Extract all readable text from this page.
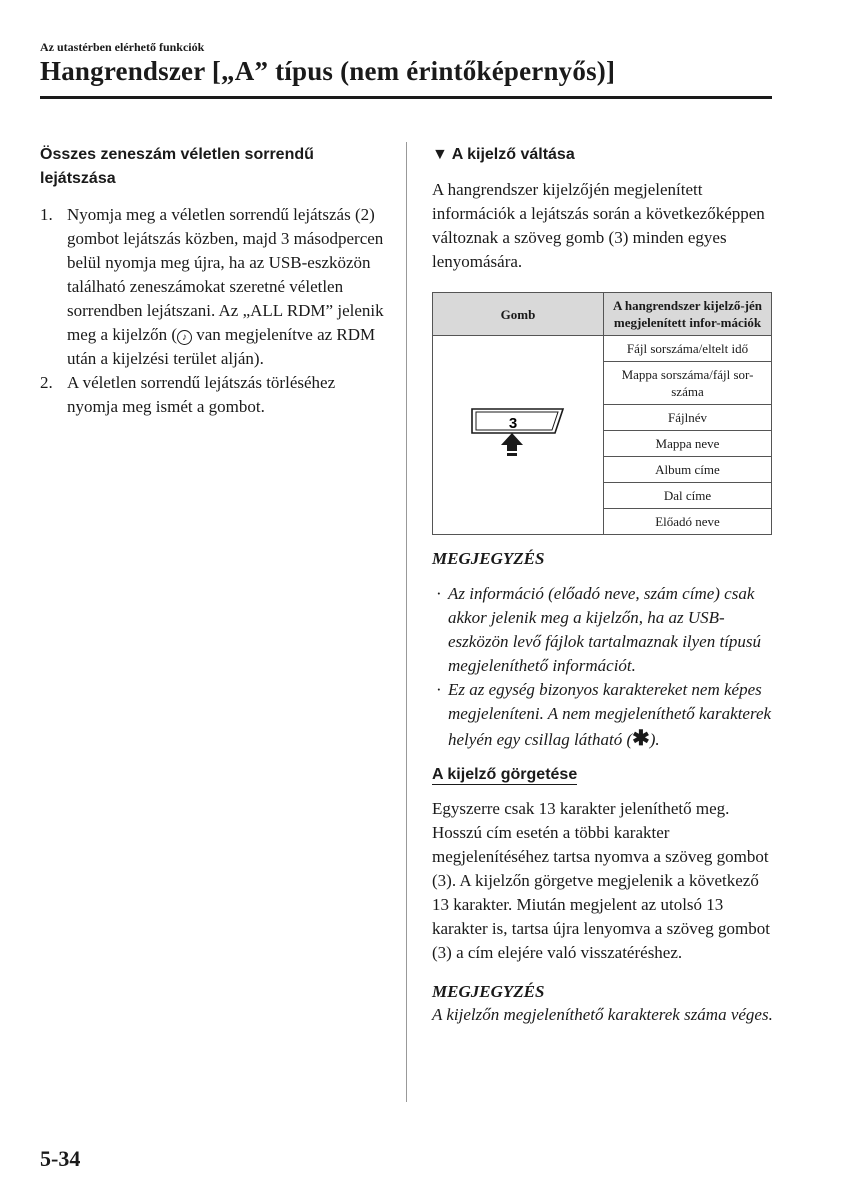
Az utastérben elérhető funkciók
Hangrendszer [„A” típus (nem érintőképernyős)]
Összes zeneszám véletlen sorrendű lejátszása
1. Nyomja meg a véletlen sorrendű lejátszás (2) gombot lejátszás közben, majd 3 másodpercen belül nyomja meg újra, ha az USB-eszközön található zeneszámokat szeretné véletlen sorrendben lejátszani. Az „ALL RDM” jelenik meg a kijelzőn ( ♪ van megjelenítve az RDM után a kijelzési terület alján).
2. A véletlen sorrendű lejátszás törléséhez nyomja meg ismét a gombot.
▼ A kijelző váltása

A hangrendszer kijelzőjén megjelenített információk a lejátszás során a következőképpen változnak a szöveg gomb (3) minden egyes lenyomására.

Gomb	A hangrendszer kijelző-jén megjelenített infor-mációk

3	Fájl sorszáma/eltelt idő
	Mappa sorszáma/fájl sor-száma
	Fájlnév
	Mappa neve
	Album címe
	Dal címe
	Előadó neve
MEGJEGYZÉS
· Az információ (előadó neve, szám címe) csak akkor jelenik meg a kijelzőn, ha az USB-eszközön levő fájlok tartalmaznak ilyen típusú megjeleníthető információt.
· Ez az egység bizonyos karaktereket nem képes megjeleníteni. A nem megjeleníthető karakterek helyén egy csillag látható (✱).
A kijelző görgetése

Egyszerre csak 13 karakter jeleníthető meg. Hosszú cím esetén a többi karakter megjelenítéséhez tartsa nyomva a szöveg gombot (3). A kijelzőn görgetve megjelenik a következő 13 karakter. Miután megjelent az utolsó 13 karakter is, tartsa újra lenyomva a szöveg gombot (3) a cím elejére való visszatéréshez.

MEGJEGYZÉS

A kijelzőn megjeleníthető karakterek száma véges.

5-34
